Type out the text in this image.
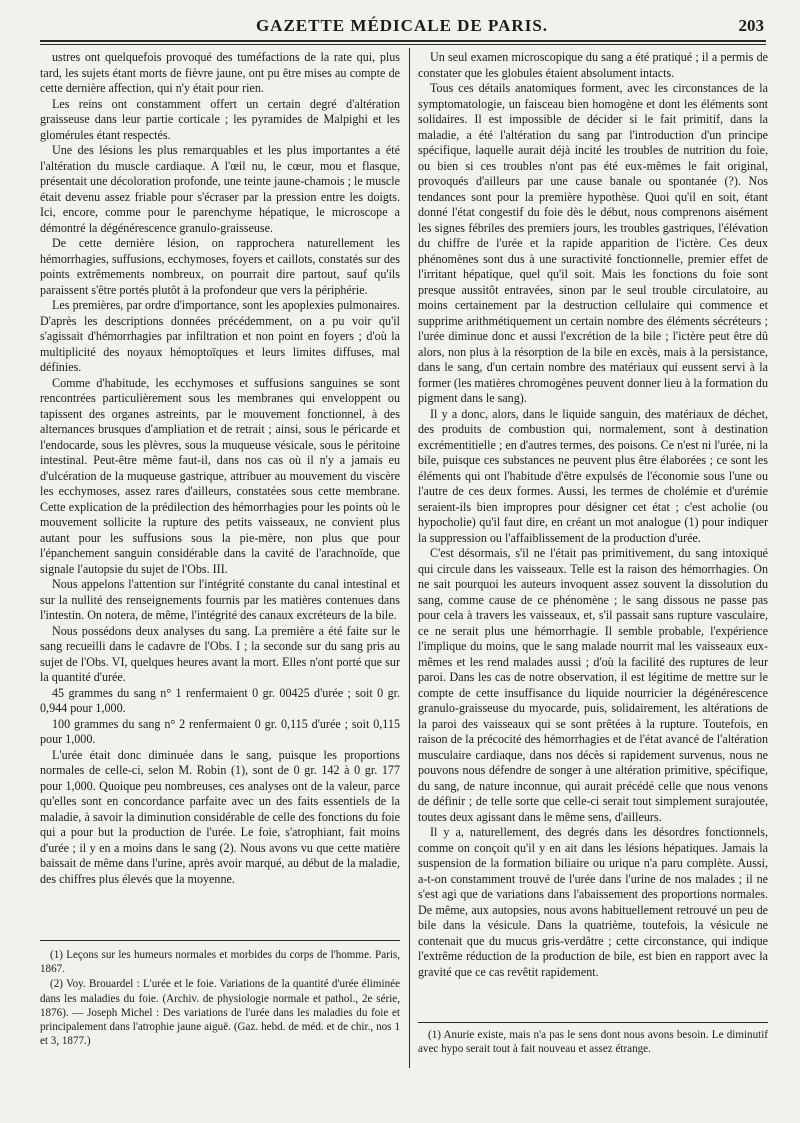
GAZETTE MÉDICALE DE PARIS.	203

ustres ont quelquefois provoqué des tuméfactions de la rate qui, plus tard, les sujets étant morts de fièvre jaune, ont pu être mises au compte de cette dernière affection, qui n'y était pour rien.

Les reins ont constamment offert un certain degré d'altération graisseuse dans leur partie corticale ; les pyramides de Malpighi et les glomérules étant respectés.

Une des lésions les plus remarquables et les plus importantes a été l'altération du muscle cardiaque. A l'œil nu, le cœur, mou et flasque, présentait une décoloration profonde, une teinte jaune-chamois ; le muscle était devenu assez friable pour s'écraser par la pression entre les doigts. Ici, encore, comme pour le parenchyme hépatique, le microscope a démontré la dégénérescence granulo-graisseuse.

De cette dernière lésion, on rapprochera naturellement les hémorrhagies, suffusions, ecchymoses, foyers et caillots, constatés sur des points extrêmements nombreux, on pourrait dire partout, sauf qu'ils paraissent s'être portés plutôt à la profondeur que vers la périphérie.

Les premières, par ordre d'importance, sont les apoplexies pulmonaires. D'après les descriptions données précédemment, on a pu voir qu'il s'agissait d'hémorrhagies par infiltration et non point en foyers ; d'où la multiplicité des noyaux hémoptoïques et leurs limites diffuses, mal définies.

Comme d'habitude, les ecchymoses et suffusions sanguines se sont rencontrées particulièrement sous les membranes qui enveloppent ou tapissent des organes astreints, par le mouvement fonctionnel, à des alternances brusques d'ampliation et de retrait ; ainsi, sous le péricarde et l'endocarde, sous les plèvres, sous la muqueuse vésicale, sous le péritoine intestinal. Peut-être même faut-il, dans nos cas où il n'y a jamais eu d'ulcération de la muqueuse gastrique, attribuer au mouvement du viscère les ecchymoses, assez rares d'ailleurs, constatées sous cette membrane. Cette explication de la prédilection des hémorrhagies pour les points où le mouvement sollicite la rupture des petits vaisseaux, ne convient plus autant pour les suffusions sous la pie-mère, non plus que pour l'épanchement sanguin considérable dans la cavité de l'arachnoïde, que signale l'autopsie du sujet de l'Obs. III.

Nous appelons l'attention sur l'intégrité constante du canal intestinal et sur la nullité des renseignements fournis par les matières contenues dans l'intestin. On notera, de même, l'intégrité des canaux excréteurs de la bile.

Nous possédons deux analyses du sang. La première a été faite sur le sang recueilli dans le cadavre de l'Obs. I ; la seconde sur du sang pris au sujet de l'Obs. VI, quelques heures avant la mort. Elles n'ont porté que sur la quantité d'urée.

45 grammes du sang n° 1 renfermaient 0 gr. 00425 d'urée ; soit 0 gr. 0,944 pour 1,000.

100 grammes du sang n° 2 renfermaient 0 gr. 0,115 d'urée ; soit 0,115 pour 1,000.

L'urée était donc diminuée dans le sang, puisque les proportions normales de celle-ci, selon M. Robin (1), sont de 0 gr. 142 à 0 gr. 177 pour 1,000. Quoique peu nombreuses, ces analyses ont de la valeur, parce qu'elles sont en concordance parfaite avec un des faits essentiels de la maladie, à savoir la diminution considérable de celle des fonctions du foie qui a pour but la production de l'urée. Le foie, s'atrophiant, fait moins d'urée ; il y en a moins dans le sang (2). Nous avons vu que cette matière baissait de même dans l'urine, après avoir marqué, au début de la maladie, des chiffres plus élevés que la moyenne.

(1) Leçons sur les humeurs normales et morbides du corps de l'homme. Paris, 1867.

(2) Voy. Brouardel : L'urée et le foie. Variations de la quantité d'urée éliminée dans les maladies du foie. (Archiv. de physiologie normale et pathol., 2e série, 1876). — Joseph Michel : Des variations de l'urée dans les maladies du foie et principalement dans l'atrophie jaune aiguë. (Gaz. hebd. de méd. et de chir., nos 1 et 3, 1877.)

Un seul examen microscopique du sang a été pratiqué ; il a permis de constater que les globules étaient absolument intacts.

Tous ces détails anatomiques forment, avec les circonstances de la symptomatologie, un faisceau bien homogène et dont les éléments sont solidaires. Il est impossible de décider si le fait primitif, dans la maladie, a été l'altération du sang par l'introduction d'un principe spécifique, laquelle aurait déjà incité les troubles de nutrition du foie, ou bien si ces troubles n'ont pas été eux-mêmes le fait original, provoqués d'ailleurs par une cause banale ou spontanée (?). Nos tendances sont pour la première hypothèse. Quoi qu'il en soit, étant donné l'état congestif du foie dès le début, nous comprenons aisément les signes fébriles des premiers jours, les troubles gastriques, l'élévation du chiffre de l'urée et la rapide apparition de l'ictère. Ces deux phénomènes sont dus à une suractivité fonctionnelle, premier effet de l'irritant hépatique, quel qu'il soit. Mais les fonctions du foie sont presque aussitôt entravées, sinon par le seul trouble circulatoire, au moins certainement par la destruction cellulaire qui commence et supprime arithmétiquement un certain nombre des éléments sécréteurs ; l'urée diminue donc et aussi l'excrétion de la bile ; l'ictère peut être dû alors, non plus à la résorption de la bile en excès, mais à la persistance, dans le sang, d'un certain nombre des matériaux qui eussent servi à la former (les matières chromogènes peuvent donner lieu à la formation du pigment dans le sang).

Il y a donc, alors, dans le liquide sanguin, des matériaux de déchet, des produits de combustion qui, normalement, sont à destination excrémentitielle ; en d'autres termes, des poisons. Ce n'est ni l'urée, ni la bile, puisque ces substances ne peuvent plus être élaborées ; ce sont les éléments qui ont l'habitude d'être expulsés de l'économie sous l'une ou l'autre de ces deux formes. Aussi, les termes de cholémie et d'urémie seraient-ils bien impropres pour désigner cet état ; c'est acholie (ou hypocholie) qu'il faut dire, en créant un mot analogue (1) pour indiquer la suppression ou l'affaiblissement de la production d'urée.

C'est désormais, s'il ne l'était pas primitivement, du sang intoxiqué qui circule dans les vaisseaux. Telle est la raison des hémorrhagies. On ne sait pourquoi les auteurs invoquent assez souvent la dissolution du sang, comme cause de ce phénomène ; le sang dissous ne passe pas pour cela à travers les vaisseaux, et, s'il passait sans rupture vasculaire, ce ne serait plus une hémorrhagie. Il semble probable, l'expérience l'implique du moins, que le sang malade nourrit mal les vaisseaux eux-mêmes et les rend malades aussi ; d'où la facilité des ruptures de leur paroi. Dans les cas de notre observation, il est légitime de mettre sur le compte de cette insuffisance du liquide nourricier la dégénérescence granulo-graisseuse du myocarde, puis, solidairement, les altérations de la paroi des vaisseaux qui se sont prêtées à la rupture. Toutefois, en raison de la précocité des hémorrhagies et de l'état avancé de l'altération musculaire cardiaque, dans nos décès si rapidement survenus, nous ne pouvons nous défendre de songer à une altération primitive, spécifique, du sang, de nature inconnue, qui aurait précédé celle que nous venons de définir ; de telle sorte que celle-ci serait tout simplement surajoutée, toutes deux agissant dans le même sens, d'ailleurs.

Il y a, naturellement, des degrés dans les désordres fonctionnels, comme on conçoit qu'il y en ait dans les lésions hépatiques. Jamais la suspension de la formation biliaire ou urique n'a paru complète. Aussi, a-t-on constamment trouvé de l'urée dans l'urine de nos malades ; il ne s'est agi que de variations dans l'abaissement des proportions normales. De même, aux autopsies, nous avons habituellement retrouvé un peu de bile dans la vésicule. Dans la quatrième, toutefois, la vésicule ne contenait que du mucus gris-verdâtre ; cette circonstance, qui indique l'extrême réduction de la production de bile, est bien en rapport avec la gravité que ce cas revêtit rapidement.

(1) Anurie existe, mais n'a pas le sens dont nous avons besoin. Le diminutif avec hypo serait tout à fait nouveau et assez étrange.
